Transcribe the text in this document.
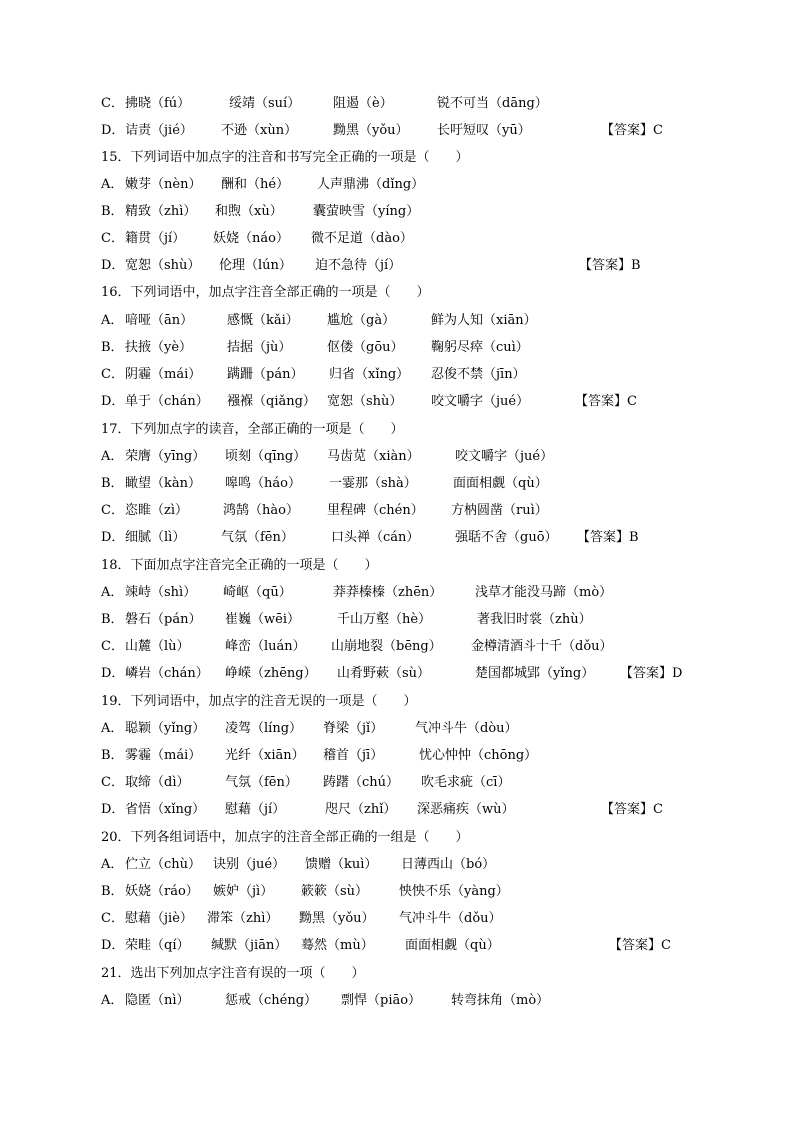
C． 拂晓（fú）	绥靖（suí）	阻遏（è）	锐不可当（dāng）
D． 诘责（jié） 不逊（xùn）	黝黑（yǒu） 长吁短叹（yū）	【答案】C
15．下列词语中加点字的注音和书写完全正确的一项是（　　）
A． 嫩芽（nèn） 酬和（hé） 人声鼎沸（dǐng）
B． 精致（zhì） 和煦（xù） 囊萤映雪（yíng）
C． 籍贯（jí） 妖娆（náo） 微不足道（dào）
D． 宽恕（shù） 伦理（lún） 迫不急待（jí）	【答案】B
16．下列词语中，加点字注音全部正确的一项是（　　）
A． 喑哑（ān）	感慨（kǎi） 尴尬（gà）	鲜为人知（xiān）
B． 扶掖（yè）	拮据（jù）	伛偻（gōu） 鞠躬尽瘁（cuì）
C． 阴霾（mái） 蹒跚（pán） 归省（xǐng） 忍俊不禁（jīn）
D． 单于（chán） 襁褓（qiǎng） 宽恕（shù） 咬文嚼字（jué）	【答案】C
17．下列加点字的读音，全部正确的一项是（　　）
A． 荣膺（yīng） 顷刻（qīng） 马齿苋（xiàn）	咬文嚼字（jué）
B． 瞰望（kàn） 嗥鸣（háo） 一霎那（shà）	面面相觑（qù）
C． 恣睢（zì）	鸿鹄（hào） 里程碑（chén） 方枘圆凿（ruì）
D． 细腻（lì）	气氛（fēn）	口头禅（cán）	强聒不舍（guō） 【答案】B
18．下面加点字注音完全正确的一项是（　　）
A． 竦峙（shì） 崎岖（qū）	莽莽榛榛（zhēn）	浅草才能没马蹄（mò）
B． 磐石（pán） 崔巍（wēi）	千山万壑（hè）	著我旧时裳（zhù）
C． 山麓（lù）	峰峦（luán） 山崩地裂（bēng） 金樽清酒斗十千（dǒu）
D． 嶙岩（chán） 峥嵘（zhēng） 山肴野蔌（sù）	楚国都城郢（yǐng） 【答案】D
19．下列词语中，加点字的注音无误的一项是（　　）
A． 聪颖（yǐng） 凌驾（líng） 脊梁（jǐ） 气冲斗牛（dòu）
B． 雾霾（mái） 光纤（xiān） 稽首（jī）	忧心忡忡（chōng）
C． 取缔（dì）	气氛（fēn） 踌躇（chú） 吹毛求疵（cī）
D． 省悟（xǐng） 慰藉（jí）	咫尺（zhǐ） 深恶痛疾（wù）	【答案】C
20．下列各组词语中，加点字的注音全部正确的一组是（　　）
A． 伫立（chù） 诀别（jué） 馈赠（kuì） 日薄西山（bó）
B． 妖娆（ráo） 嫉妒（jì） 簌簌（sù） 怏怏不乐（yàng）
C． 慰藉（jiè） 滞笨（zhì） 黝黑（yǒu） 气冲斗牛（dǒu）
D． 荣畦（qí） 缄默（jiān） 蓦然（mù） 面面相觑（qù）	【答案】C
21．选出下列加点字注音有误的一项（　　）
A． 隐匿（nì）	惩戒（chéng） 剽悍（piāo） 转弯抹角（mò）
